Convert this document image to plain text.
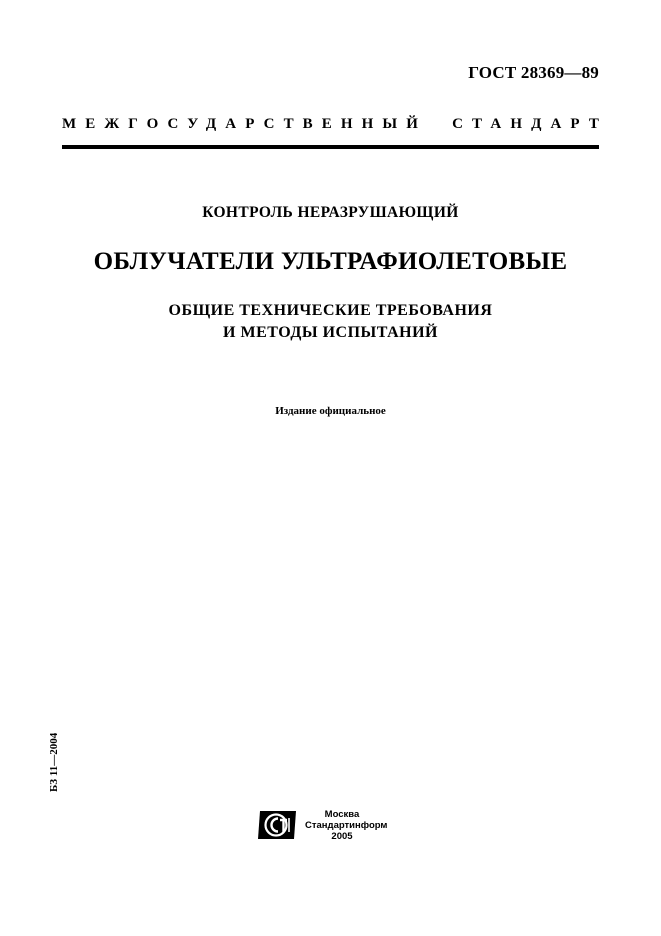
ГОСТ 28369—89
МЕЖГОСУДАРСТВЕННЫЙ СТАНДАРТ
КОНТРОЛЬ НЕРАЗРУШАЮЩИЙ
ОБЛУЧАТЕЛИ УЛЬТРАФИОЛЕТОВЫЕ
ОБЩИЕ ТЕХНИЧЕСКИЕ ТРЕБОВАНИЯ
И МЕТОДЫ ИСПЫТАНИЙ
Издание официальное
БЗ 11—2004
Москва
Стандартинформ
2005
